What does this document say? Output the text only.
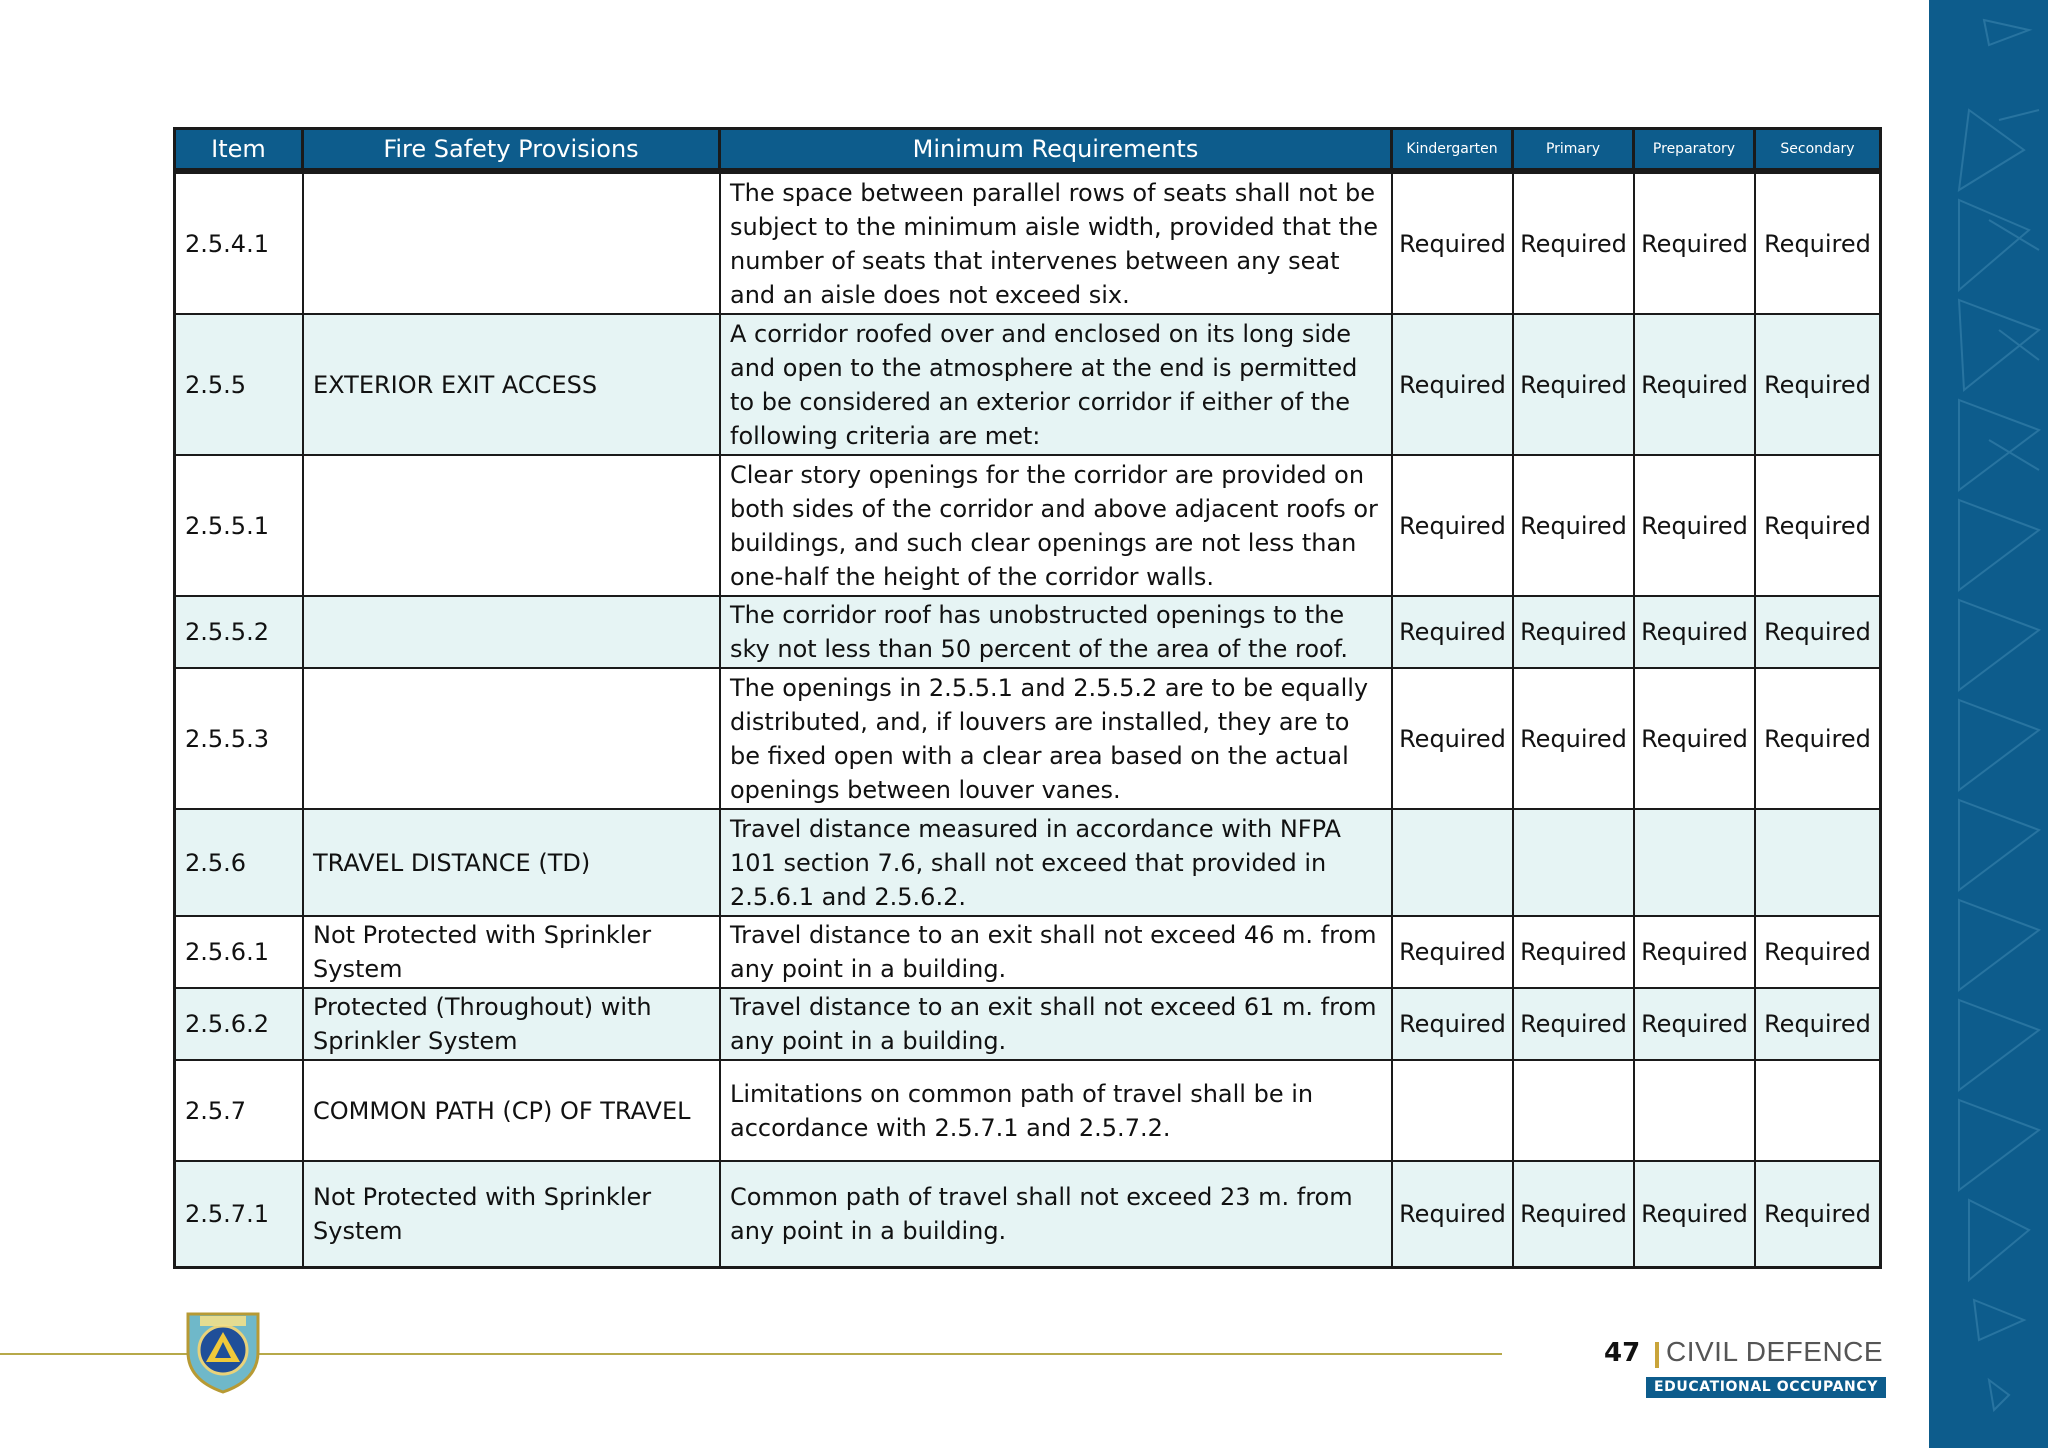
Item	Fire Safety Provisions	Minimum Requirements	Kindergarten	Primary	Preparatory	Secondary
2.5.4.1		The space between parallel rows of seats shall not be subject to the minimum aisle width, provided that the number of seats that intervenes between any seat and an aisle does not exceed six.	Required	Required	Required	Required
2.5.5	EXTERIOR EXIT ACCESS	A corridor roofed over and enclosed on its long side and open to the atmosphere at the end is permitted to be considered an exterior corridor if either of the following criteria are met:	Required	Required	Required	Required
2.5.5.1		Clear story openings for the corridor are provided on both sides of the corridor and above adjacent roofs or buildings, and such clear openings are not less than one-half the height of the corridor walls.	Required	Required	Required	Required
2.5.5.2		The corridor roof has unobstructed openings to the sky not less than 50 percent of the area of the roof.	Required	Required	Required	Required
2.5.5.3		The openings in 2.5.5.1 and 2.5.5.2 are to be equally distributed, and, if louvers are installed, they are to be fixed open with a clear area based on the actual openings between louver vanes.	Required	Required	Required	Required
2.5.6	TRAVEL DISTANCE (TD)	Travel distance measured in accordance with NFPA 101 section 7.6, shall not exceed that provided in 2.5.6.1 and 2.5.6.2.				
2.5.6.1	Not Protected with Sprinkler System	Travel distance to an exit shall not exceed 46 m. from any point in a building.	Required	Required	Required	Required
2.5.6.2	Protected (Throughout) with Sprinkler System	Travel distance to an exit shall not exceed 61 m. from any point in a building.	Required	Required	Required	Required
2.5.7	COMMON PATH (CP) OF TRAVEL	Limitations on common path of travel shall be in accordance with 2.5.7.1 and 2.5.7.2.				
2.5.7.1	Not Protected with Sprinkler System	Common path of travel shall not exceed 23 m. from any point in a building.	Required	Required	Required	Required
47 CIVIL DEFENCE
EDUCATIONAL OCCUPANCY
